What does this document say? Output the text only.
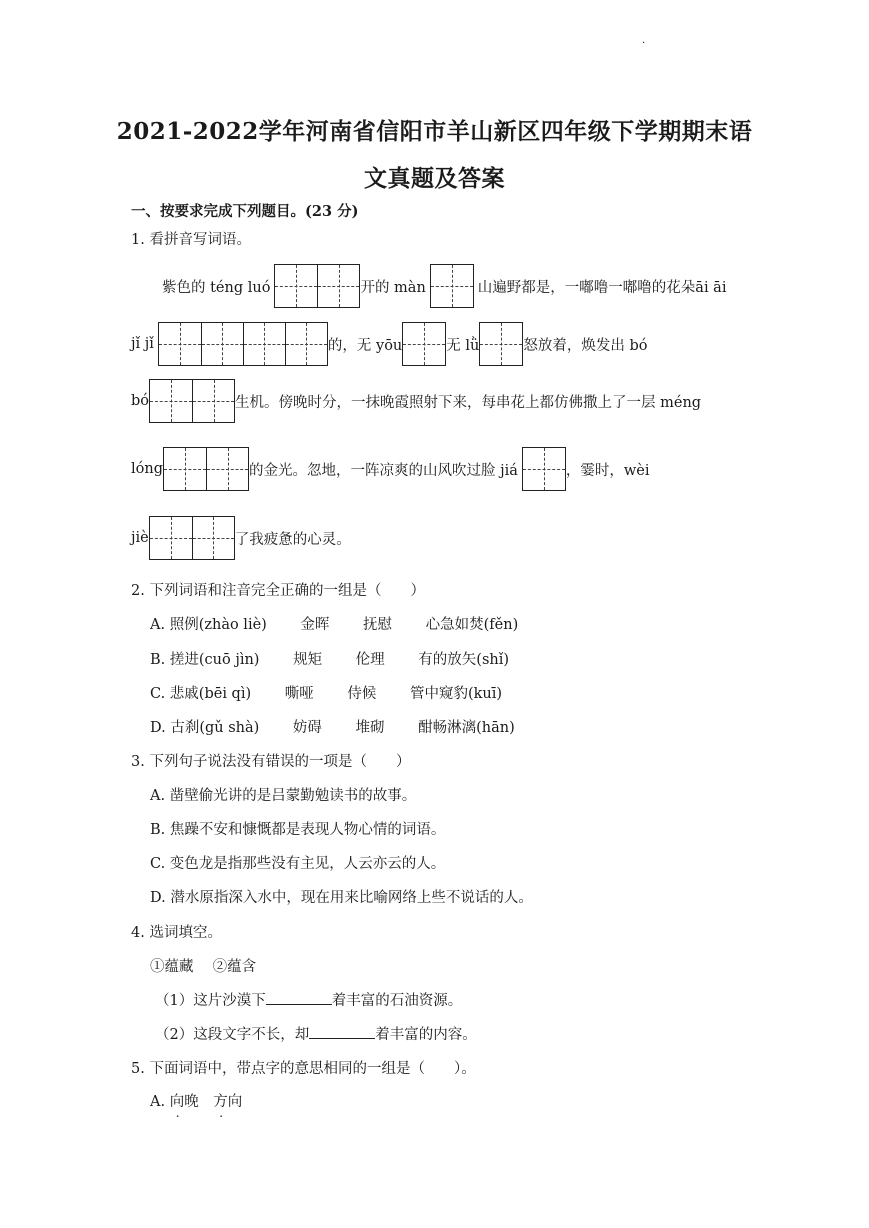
·
2021-2022学年河南省信阳市羊山新区四年级下学期期末语
文真题及答案
一、按要求完成下列题目。(23 分)
1. 看拼音写词语。
紫色的 téng luó	开的 màn	山遍野都是，一嘟噜一嘟噜的花朵āi āi
jǐ jǐ	的，无 yōu	无 lǜ	怒放着，焕发出 bó
bó	生机。傍晚时分，一抹晚霞照射下来，每串花上都仿佛撒上了一层 méng
lóng	的金光。忽地，一阵凉爽的山风吹过脸 jiá	，霎时，wèi
jiè	了我疲惫的心灵。
2. 下列词语和注音完全正确的一组是（　　）
A. 照例(zhào liè)　　 金晖　　 抚慰　　 心急如焚(fěn)
B. 搓进(cuō jìn)　　 规矩　　 伦理　　 有的放矢(shǐ)
C. 悲戚(bēi qì)　　 嘶哑　　 侍候　　 管中窥豹(kuī)
D. 古刹(gǔ shà)　　 妨碍　　 堆砌　　 酣畅淋漓(hān)
3. 下列句子说法没有错误的一项是（　　）
A. 凿壁偷光讲的是吕蒙勤勉读书的故事。
B. 焦躁不安和慷慨都是表现人物心情的词语。
C. 变色龙是指那些没有主见，人云亦云的人。
D. 潜水原指深入水中，现在用来比喻网络上些不说话的人。
4. 选词填空。
①蕴藏　 ②蕴含
（1）这片沙漠下	着丰富的石油资源。
（2）这段文字不长，却	着丰富的内容。
5. 下面词语中，带点字的意思相同的一组是（　　）。
A. 向晚　 方向
